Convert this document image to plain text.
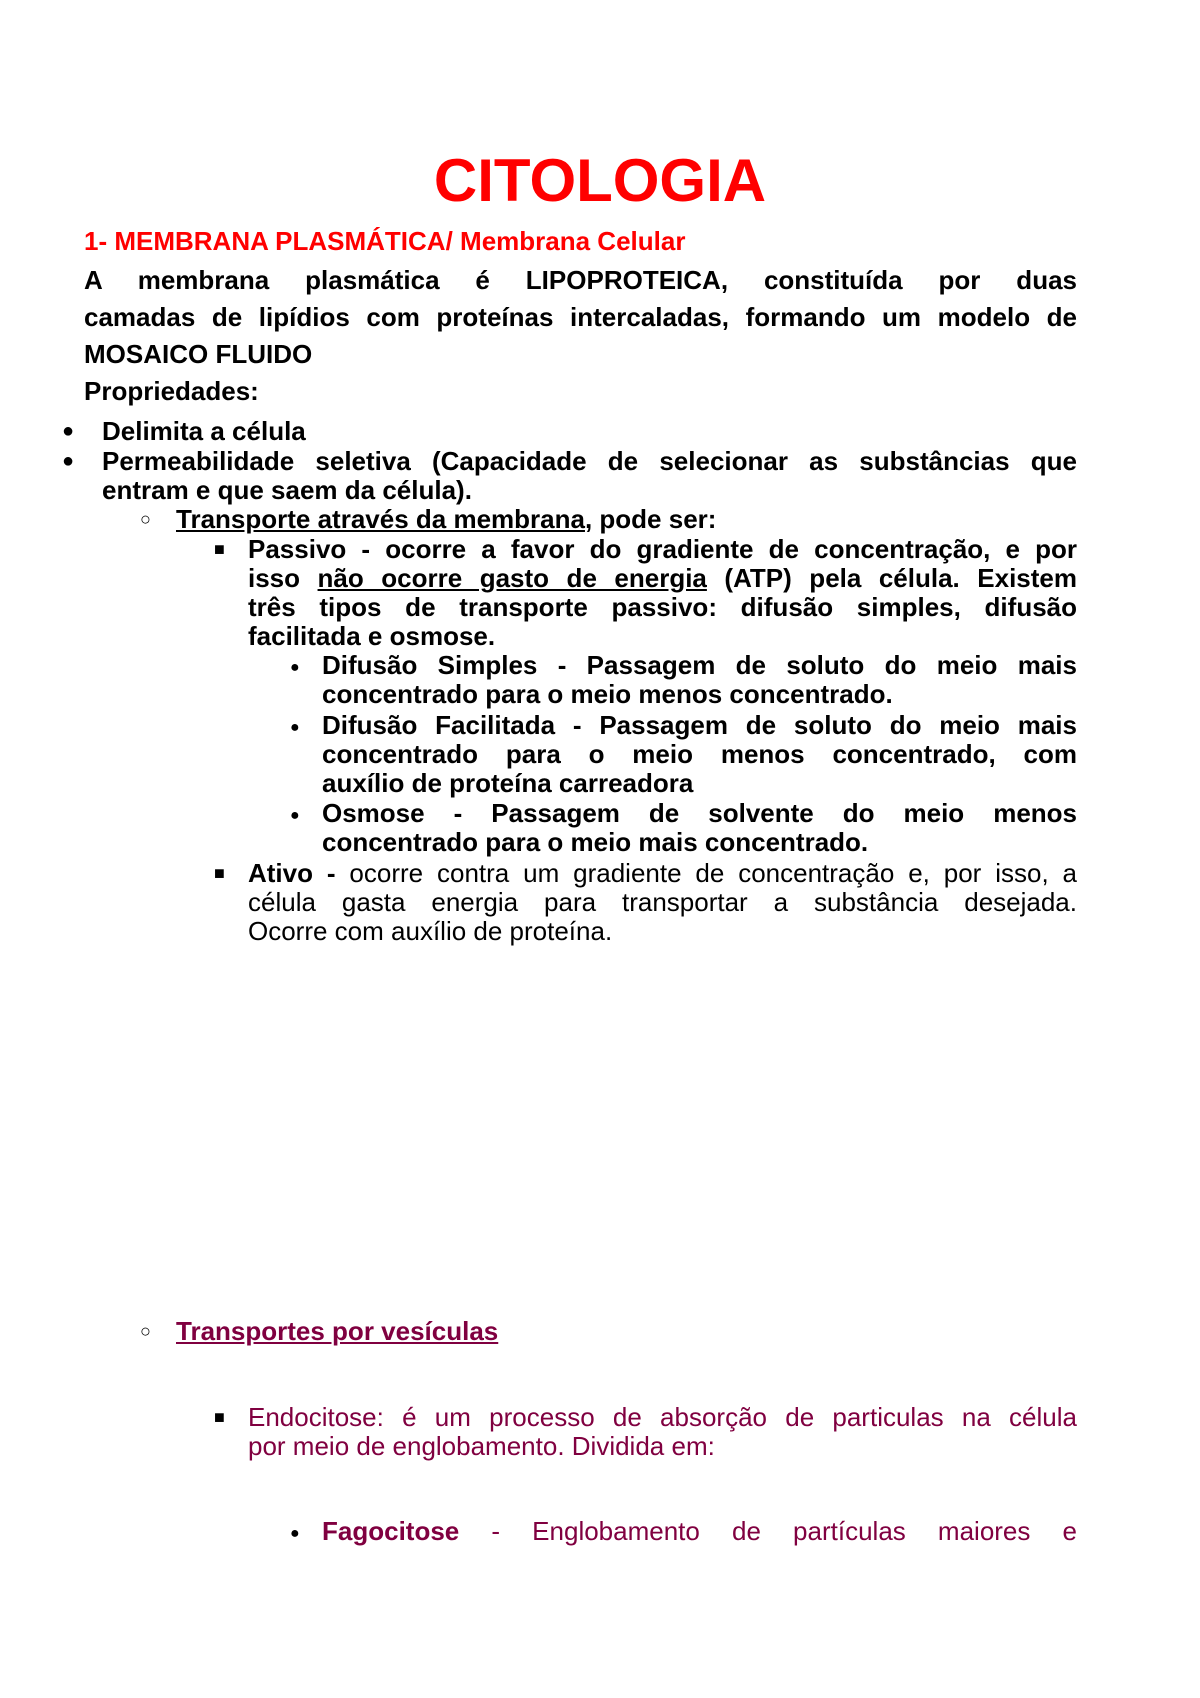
CITOLOGIA
1- MEMBRANA PLASMÁTICA/ Membrana Celular
A membrana plasmática é LIPOPROTEICA, constituída por duas
camadas de lipídios com proteínas intercaladas, formando um modelo de
MOSAICO FLUIDO
Propriedades:
● Delimita a célula
● Permeabilidade seletiva (Capacidade de selecionar as substâncias que
entram e que saem da célula).
○ Transporte através da membrana, pode ser:
■ Passivo - ocorre a favor do gradiente de concentração, e por
isso não ocorre gasto de energia (ATP) pela célula. Existem
três tipos de transporte passivo: difusão simples, difusão
facilitada e osmose.
● Difusão Simples - Passagem de soluto do meio mais
concentrado para o meio menos concentrado.
● Difusão Facilitada - Passagem de soluto do meio mais
concentrado para o meio menos concentrado, com
auxílio de proteína carreadora
● Osmose - Passagem de solvente do meio menos
concentrado para o meio mais concentrado.
■ Ativo - ocorre contra um gradiente de concentração e, por isso, a
célula gasta energia para transportar a substância desejada.
Ocorre com auxílio de proteína.
○ Transportes por vesículas
■ Endocitose: é um processo de absorção de particulas na célula
por meio de englobamento. Dividida em:
● Fagocitose - Englobamento de partículas maiores e
